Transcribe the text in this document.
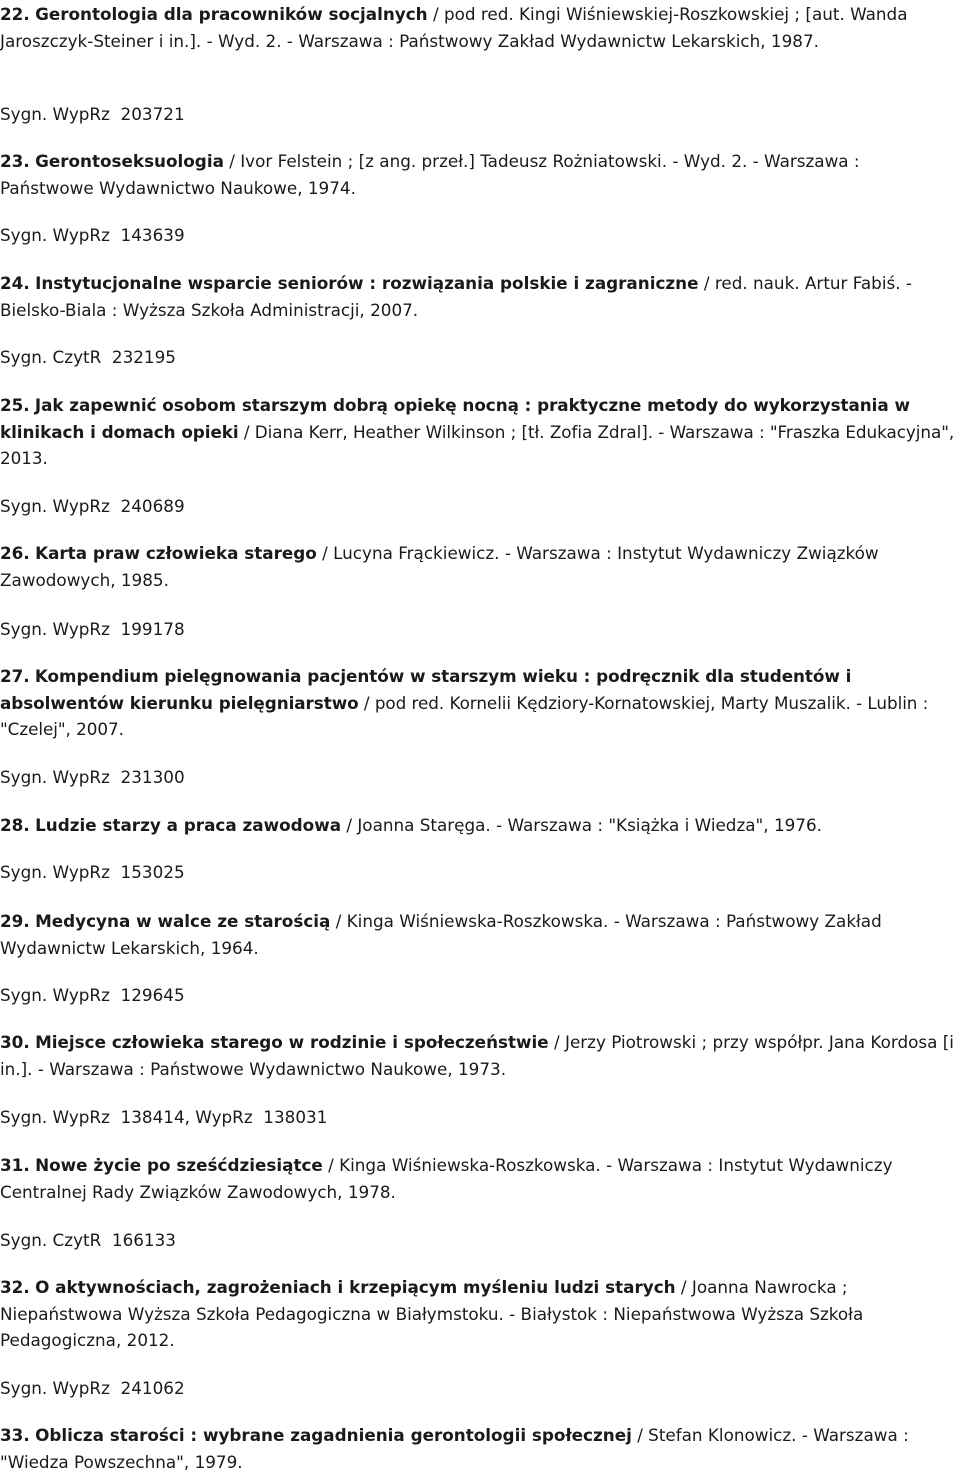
22. Gerontologia dla pracowników socjalnych / pod red. Kingi Wiśniewskiej-Roszkowskiej ; [aut. Wanda Jaroszczyk-Steiner i in.]. - Wyd. 2. - Warszawa : Państwowy Zakład Wydawnictw Lekarskich, 1987.
Sygn. WypRz  203721
23. Gerontoseksuologia / Ivor Felstein ; [z ang. przeł.] Tadeusz Rożniatowski. - Wyd. 2. - Warszawa : Państwowe Wydawnictwo Naukowe, 1974.
Sygn. WypRz  143639
24. Instytucjonalne wsparcie seniorów : rozwiązania polskie i zagraniczne / red. nauk. Artur Fabiś. - Bielsko-Biala : Wyższa Szkoła Administracji, 2007.
Sygn. CzytR  232195
25. Jak zapewnić osobom starszym dobrą opiekę nocną : praktyczne metody do wykorzystania w klinikach i domach opieki / Diana Kerr, Heather Wilkinson ; [tł. Zofia Zdral]. - Warszawa : "Fraszka Edukacyjna", 2013.
Sygn. WypRz  240689
26. Karta praw człowieka starego / Lucyna Frąckiewicz. - Warszawa : Instytut Wydawniczy Związków Zawodowych, 1985.
Sygn. WypRz  199178
27. Kompendium pielęgnowania pacjentów w starszym wieku : podręcznik dla studentów i absolwentów kierunku pielęgniarstwo / pod red. Kornelii Kędziory-Kornatowskiej, Marty Muszalik. - Lublin : "Czelej", 2007.
Sygn. WypRz  231300
28. Ludzie starzy a praca zawodowa / Joanna Staręga. - Warszawa : "Książka i Wiedza", 1976.
Sygn. WypRz  153025
29. Medycyna w walce ze starością / Kinga Wiśniewska-Roszkowska. - Warszawa : Państwowy Zakład Wydawnictw Lekarskich, 1964.
Sygn. WypRz  129645
30. Miejsce człowieka starego w rodzinie i społeczeństwie / Jerzy Piotrowski ; przy współpr. Jana Kordosa [i in.]. - Warszawa : Państwowe Wydawnictwo Naukowe, 1973.
Sygn. WypRz  138414, WypRz  138031
31. Nowe życie po sześćdziesiątce / Kinga Wiśniewska-Roszkowska. - Warszawa : Instytut Wydawniczy Centralnej Rady Związków Zawodowych, 1978.
Sygn. CzytR  166133
32. O aktywnościach, zagrożeniach i krzepiącym myśleniu ludzi starych / Joanna Nawrocka ; Niepaństwowa Wyższa Szkoła Pedagogiczna w Białymstoku. - Białystok : Niepaństwowa Wyższa Szkoła Pedagogiczna, 2012.
Sygn. WypRz  241062
33. Oblicza starości : wybrane zagadnienia gerontologii społecznej / Stefan Klonowicz. - Warszawa : "Wiedza Powszechna", 1979.
